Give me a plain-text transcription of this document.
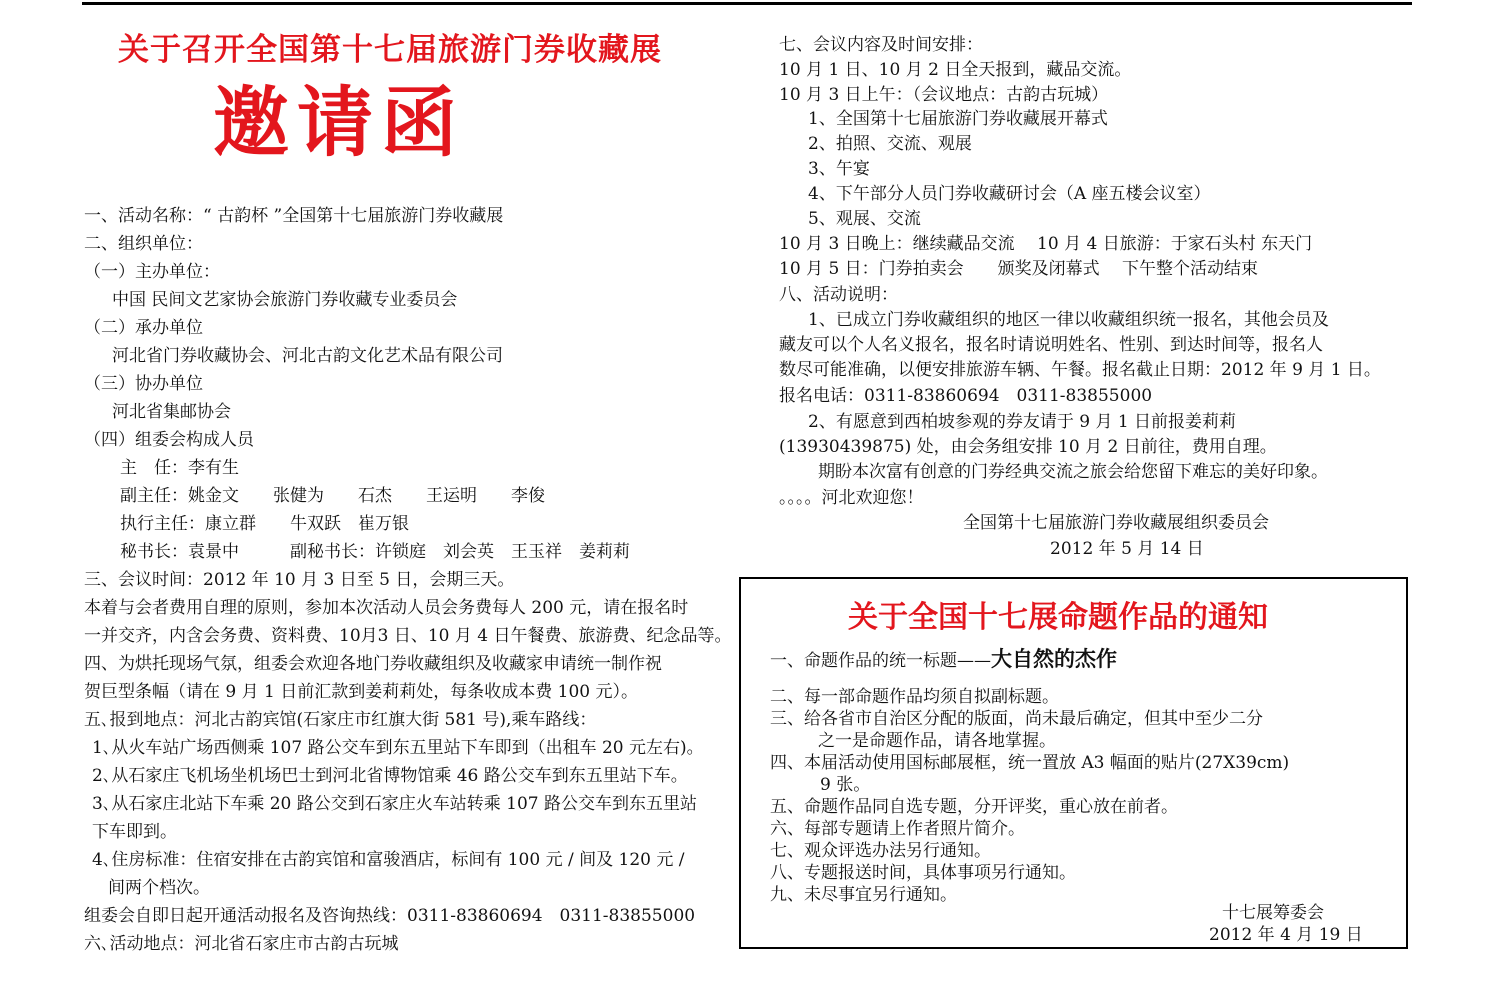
关于召开全国第十七届旅游门券收藏展
邀请函
一、活动名称：“ 古韵杯 ”全国第十七届旅游门券收藏展
二、组织单位：
（一）主办单位：
中国 民间文艺家协会旅游门券收藏专业委员会
（二）承办单位
河北省门券收藏协会、河北古韵文化艺术品有限公司
（三）协办单位
河北省集邮协会
（四）组委会构成人员
主　任：李有生
副主任：姚金文　　张健为　　石杰　　王运明　　李俊
执行主任：康立群　　牛双跃　崔万银
秘书长：袁景中　　　副秘书长：许锁庭　刘会英　王玉祥　姜莉莉
三、会议时间：2012 年 10 月 3 日至 5 日，会期三天。
本着与会者费用自理的原则，参加本次活动人员会务费每人 200 元，请在报名时
一并交齐，内含会务费、资料费、10月3 日、10 月 4 日午餐费、旅游费、纪念品等。
四、为烘托现场气氛，组委会欢迎各地门券收藏组织及收藏家申请统一制作祝
贺巨型条幅（请在 9 月 1 日前汇款到姜莉莉处，每条收成本费 100 元）。
五､报到地点：河北古韵宾馆(石家庄市红旗大街 581 号),乘车路线：
1､从火车站广场西侧乘 107 路公交车到东五里站下车即到（出租车 20 元左右)。
2､从石家庄飞机场坐机场巴士到河北省博物馆乘 46 路公交车到东五里站下车。
3､从石家庄北站下车乘 20 路公交到石家庄火车站转乘 107 路公交车到东五里站
下车即到。
4､住房标准：住宿安排在古韵宾馆和富骏酒店，标间有 100 元 / 间及 120 元 /
间两个档次。
组委会自即日起开通活动报名及咨询热线：0311-83860694　0311-83855000
六､活动地点：河北省石家庄市古韵古玩城
七、会议内容及时间安排：
10 月 1 日、10 月 2 日全天报到，藏品交流。
10 月 3 日上午：（会议地点：古韵古玩城）
1、全国第十七届旅游门券收藏展开幕式
2、拍照、交流、观展
3、午宴
4、下午部分人员门券收藏研讨会（A 座五楼会议室）
5、观展、交流
10 月 3 日晚上：继续藏品交流　 10 月 4 日旅游：于家石头村 东天门
10 月 5 日：门券拍卖会　　颁奖及闭幕式　 下午整个活动结束
八、活动说明：
1、已成立门券收藏组织的地区一律以收藏组织统一报名，其他会员及
藏友可以个人名义报名，报名时请说明姓名、性别、到达时间等，报名人
数尽可能准确，以便安排旅游车辆、午餐。报名截止日期：2012 年 9 月 1 日。
报名电话：0311-83860694　0311-83855000
2、有愿意到西柏坡参观的券友请于 9 月 1 日前报姜莉莉
(13930439875) 处，由会务组安排 10 月 2 日前往，费用自理。
期盼本次富有创意的门券经典交流之旅会给您留下难忘的美好印象。
。。。。河北欢迎您！
全国第十七届旅游门券收藏展组织委员会
2012 年 5 月 14 日
关于全国十七展命题作品的通知
一、命题作品的统一标题——大自然的杰作
二、每一部命题作品均须自拟副标题。
三、给各省市自治区分配的版面，尚未最后确定，但其中至少二分
之一是命题作品，请各地掌握。
四、本届活动使用国标邮展框，统一置放 A3 幅面的贴片(27X39cm)
9 张。
五、命题作品同自选专题，分开评奖，重心放在前者。
六、每部专题请上作者照片简介。
七、观众评选办法另行通知。
八、专题报送时间，具体事项另行通知。
九、未尽事宜另行通知。
十七展筹委会
2012 年 4 月 19 日
